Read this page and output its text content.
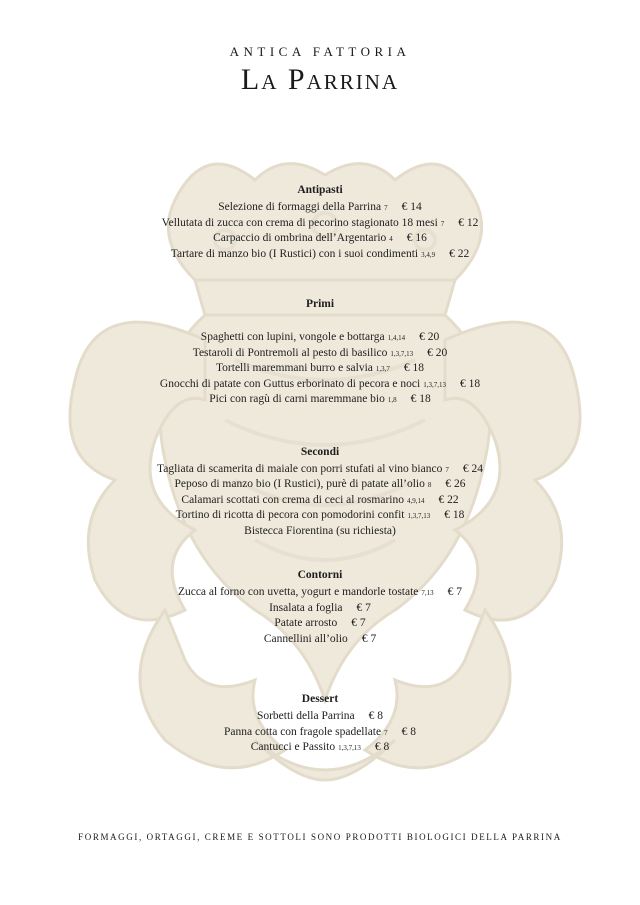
ANTICA FATTORIA
La Parrina
Antipasti
Selezione di formaggi della Parrina 7 € 14
Vellutata di zucca con crema di pecorino stagionato 18 mesi 7 € 12
Carpaccio di ombrina dell’Argentario 4 € 16
Tartare di manzo bio (I Rustici) con i suoi condimenti 3,4,9 € 22
Primi
Spaghetti con lupini, vongole e bottarga 1,4,14 € 20
Testaroli di Pontremoli al pesto di basilico 1,3,7,13 € 20
Tortelli maremmani burro e salvia 1,3,7 € 18
Gnocchi di patate con Guttus erborinato di pecora e noci 1,3,7,13 € 18
Pici con ragù di carni maremmane bio 1,8 € 18
Secondi
Tagliata di scamerita di maiale con porri stufati al vino bianco 7 € 24
Peposo di manzo bio (I Rustici), purè di patate all’olio 8 € 26
Calamari scottati con crema di ceci al rosmarino 4,9,14 € 22
Tortino di ricotta di pecora con pomodorini confit 1,3,7,13 € 18
Bistecca Fiorentina (su richiesta)
Contorni
Zucca al forno con uvetta, yogurt e mandorle tostate 7,13 € 7
Insalata a foglia € 7
Patate arrosto € 7
Cannellini all’olio € 7
Dessert
Sorbetti della Parrina € 8
Panna cotta con fragole spadellate 7 € 8
Cantucci e Passito 1,3,7,13 € 8
FORMAGGI, ORTAGGI, CREME E SOTTOLI SONO PRODOTTI BIOLOGICI DELLA PARRINA
